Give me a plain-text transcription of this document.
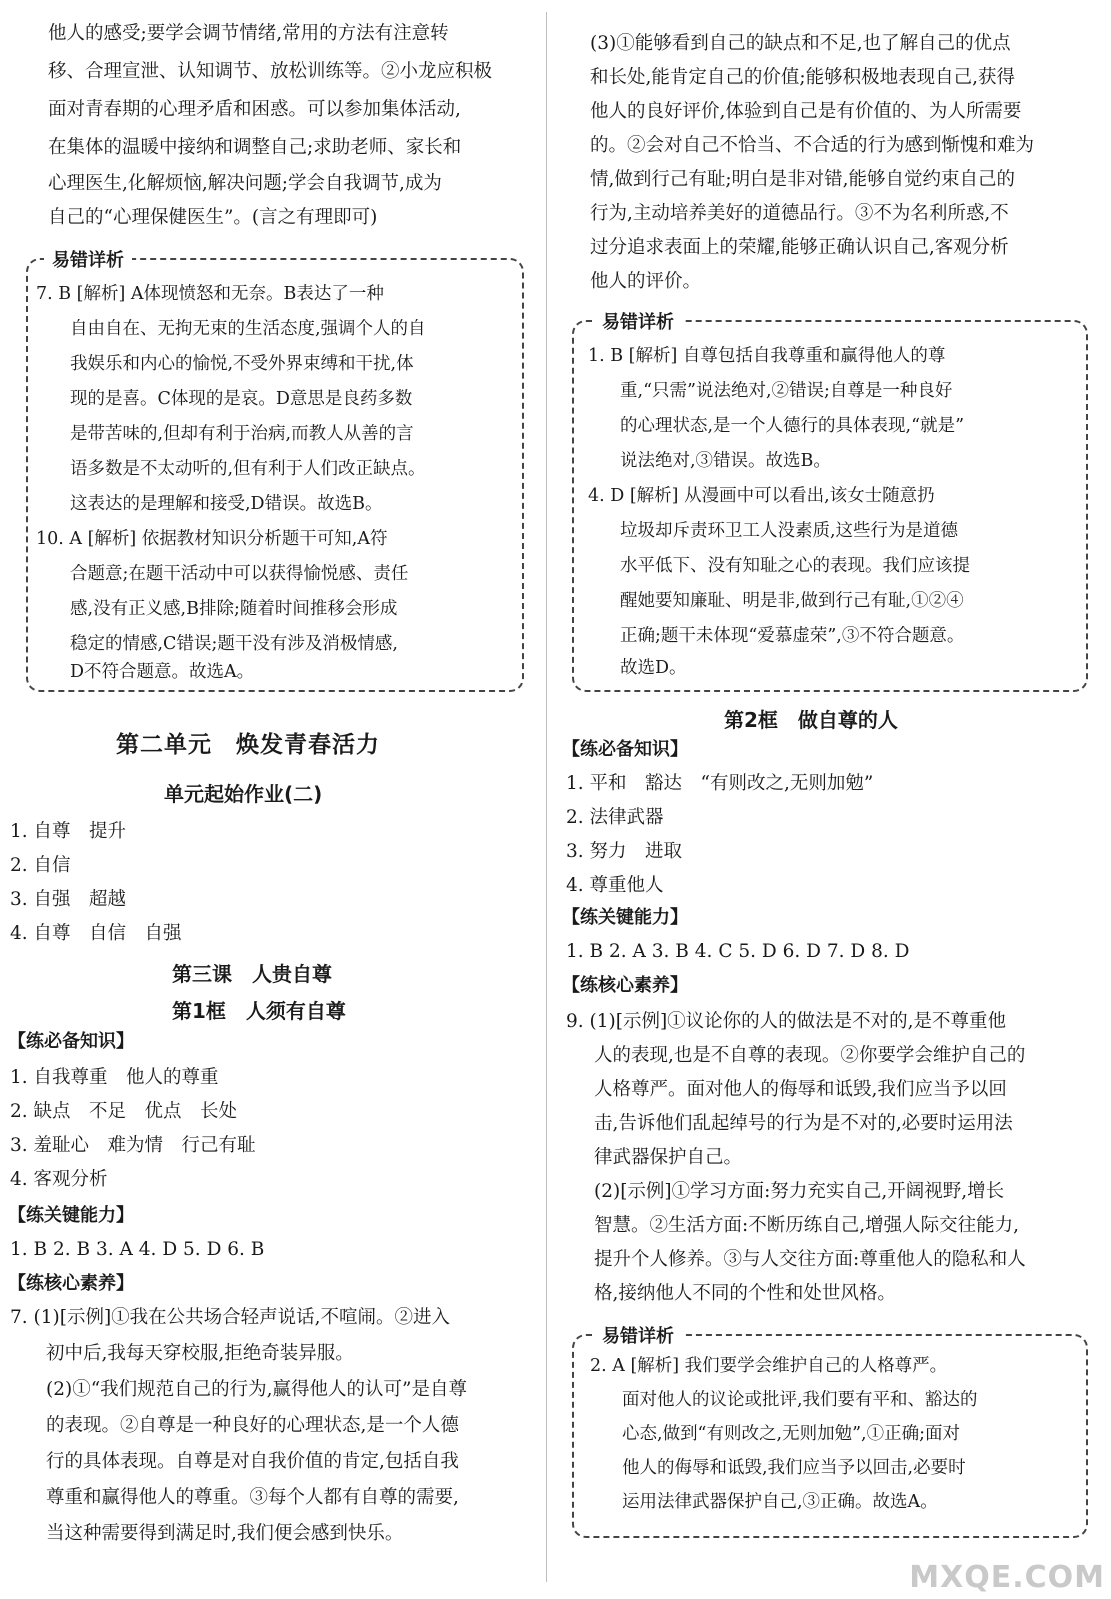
他人的感受;要学会调节情绪,常用的方法有注意转
移、合理宣泄、认知调节、放松训练等。②小龙应积极
面对青春期的心理矛盾和困惑。可以参加集体活动,
在集体的温暖中接纳和调整自己;求助老师、家长和
心理医生,化解烦恼,解决问题;学会自我调节,成为
自己的“心理保健医生”。(言之有理即可)
易错详析
7. B [解析] A体现愤怒和无奈。B表达了一种
自由自在、无拘无束的生活态度,强调个人的自
我娱乐和内心的愉悦,不受外界束缚和干扰,体
现的是喜。C体现的是哀。D意思是良药多数
是带苦味的,但却有利于治病,而教人从善的言
语多数是不太动听的,但有利于人们改正缺点。
这表达的是理解和接受,D错误。故选B。
10. A [解析] 依据教材知识分析题干可知,A符
合题意;在题干活动中可以获得愉悦感、责任
感,没有正义感,B排除;随着时间推移会形成
稳定的情感,C错误;题干没有涉及消极情感,
D不符合题意。故选A。
第二单元　焕发青春活力
单元起始作业(二)
1. 自尊　提升
2. 自信
3. 自强　超越
4. 自尊　自信　自强
第三课　人贵自尊
第1框　人须有自尊
【练必备知识】
1. 自我尊重　他人的尊重
2. 缺点　不足　优点　长处
3. 羞耻心　难为情　行己有耻
4. 客观分析
【练关键能力】
1. B 2. B 3. A 4. D 5. D 6. B
【练核心素养】
7. (1)[示例]①我在公共场合轻声说话,不喧闹。②进入
初中后,我每天穿校服,拒绝奇装异服。
(2)①“我们规范自己的行为,赢得他人的认可”是自尊
的表现。②自尊是一种良好的心理状态,是一个人德
行的具体表现。自尊是对自我价值的肯定,包括自我
尊重和赢得他人的尊重。③每个人都有自尊的需要,
当这种需要得到满足时,我们便会感到快乐。
(3)①能够看到自己的缺点和不足,也了解自己的优点
和长处,能肯定自己的价值;能够积极地表现自己,获得
他人的良好评价,体验到自己是有价值的、为人所需要
的。②会对自己不恰当、不合适的行为感到惭愧和难为
情,做到行己有耻;明白是非对错,能够自觉约束自己的
行为,主动培养美好的道德品行。③不为名利所惑,不
过分追求表面上的荣耀,能够正确认识自己,客观分析
他人的评价。
易错详析
1. B [解析] 自尊包括自我尊重和赢得他人的尊
重,“只需”说法绝对,②错误;自尊是一种良好
的心理状态,是一个人德行的具体表现,“就是”
说法绝对,③错误。故选B。
4. D [解析] 从漫画中可以看出,该女士随意扔
垃圾却斥责环卫工人没素质,这些行为是道德
水平低下、没有知耻之心的表现。我们应该提
醒她要知廉耻、明是非,做到行己有耻,①②④
正确;题干未体现“爱慕虚荣”,③不符合题意。
故选D。
第2框　做自尊的人
【练必备知识】
1. 平和　豁达　“有则改之,无则加勉”
2. 法律武器
3. 努力　进取
4. 尊重他人
【练关键能力】
1. B 2. A 3. B 4. C 5. D 6. D 7. D 8. D
【练核心素养】
9. (1)[示例]①议论你的人的做法是不对的,是不尊重他
人的表现,也是不自尊的表现。②你要学会维护自己的
人格尊严。面对他人的侮辱和诋毁,我们应当予以回
击,告诉他们乱起绰号的行为是不对的,必要时运用法
律武器保护自己。
(2)[示例]①学习方面:努力充实自己,开阔视野,增长
智慧。②生活方面:不断历练自己,增强人际交往能力,
提升个人修养。③与人交往方面:尊重他人的隐私和人
格,接纳他人不同的个性和处世风格。
易错详析
2. A [解析] 我们要学会维护自己的人格尊严。
面对他人的议论或批评,我们要有平和、豁达的
心态,做到“有则改之,无则加勉”,①正确;面对
他人的侮辱和诋毁,我们应当予以回击,必要时
运用法律武器保护自己,③正确。故选A。
MXQE.COM
